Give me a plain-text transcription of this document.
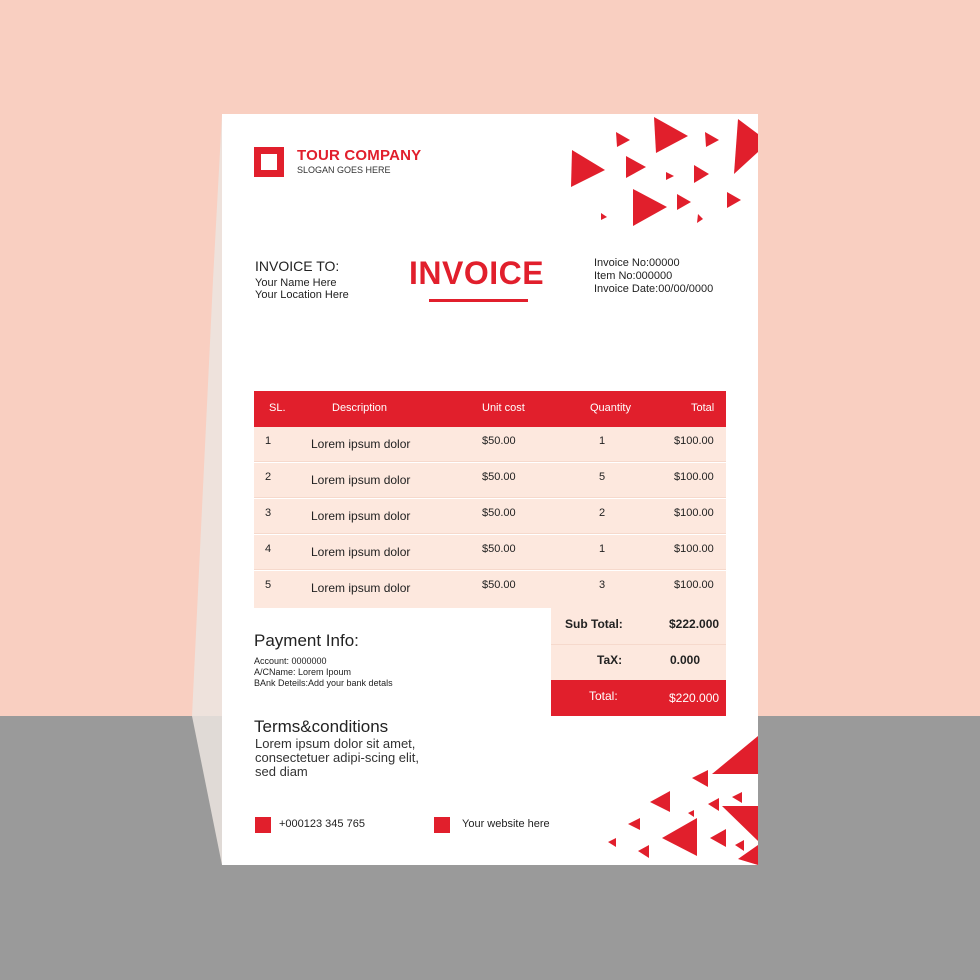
TOUR COMPANY
SLOGAN GOES HERE
INVOICE TO:
Your Name Here
Your Location Here
INVOICE	Invoice No:00000
Item No:000000
Invoice Date:00/00/0000
SL.	Description	Unit cost	Quantity	Total
1	Lorem ipsum dolor	$50.00	1	$100.00
2	Lorem ipsum dolor	$50.00	5	$100.00
3	Lorem ipsum dolor	$50.00	2	$100.00
4	Lorem ipsum dolor	$50.00	1	$100.00
5	Lorem ipsum dolor	$50.00	3	$100.00
Sub Total:	$222.000
TaX:	0.000
Total:	$220.000
Payment Info:
Account: 0000000
A/CName: Lorem Ipoum
BAnk Deteils:Add your bank detals
Terms&conditions
Lorem ipsum dolor sit amet, consectetuer adipi-scing elit, sed diam
+000123 345 765	Your website here
